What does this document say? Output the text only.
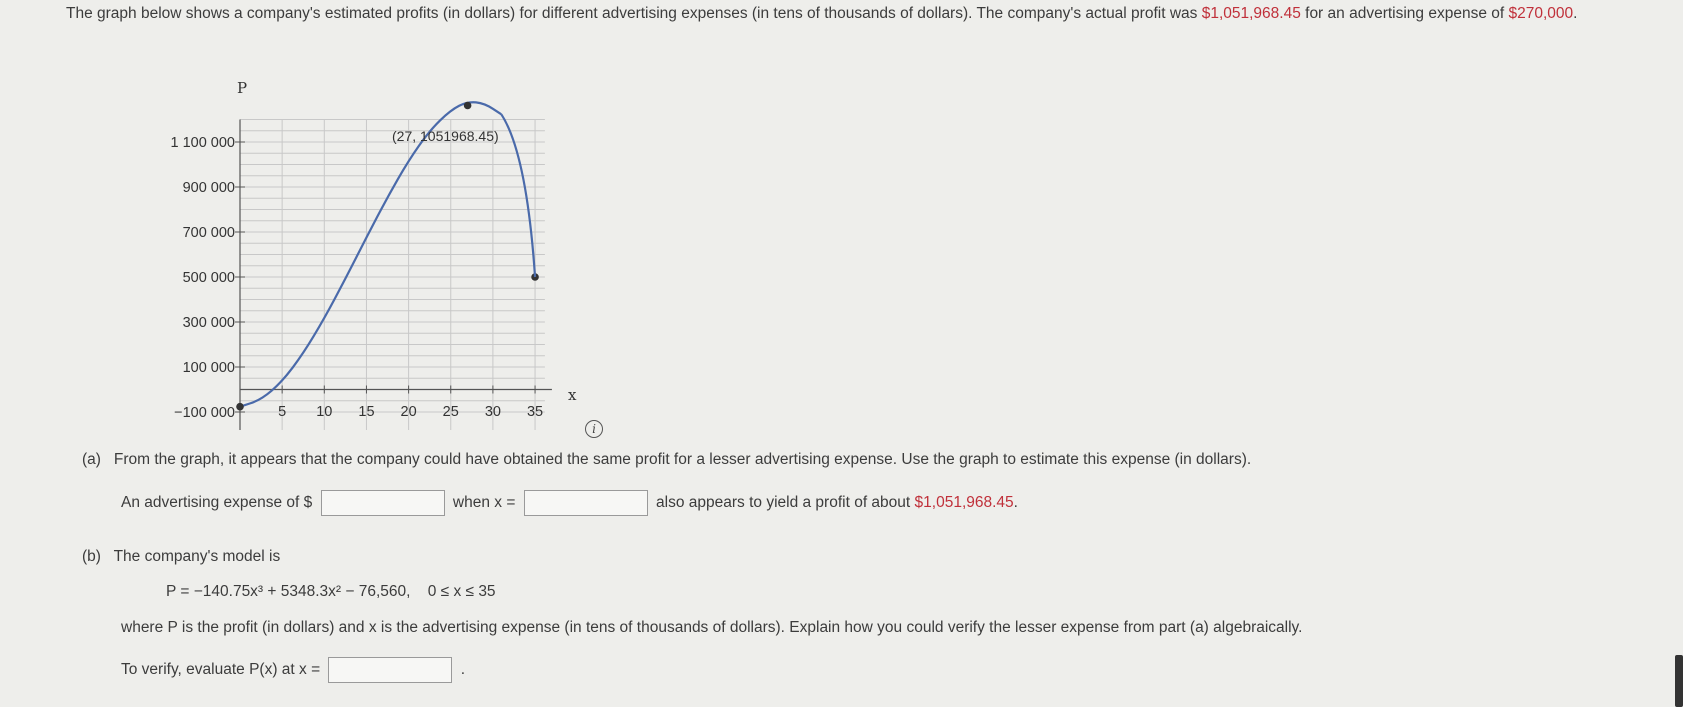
The graph below shows a company's estimated profits (in dollars) for different advertising expenses (in tens of thousands of dollars). The company's actual profit was $1,051,968.45 for an advertising expense of $270,000.
−100 000
100 000
300 000
500 000
700 000
900 000
1 100 000
5 10 15 20 25 30 35
P
x
(27, 1051968.45)
i
(a) From the graph, it appears that the company could have obtained the same profit for a lesser advertising expense. Use the graph to estimate this expense (in dollars).
An advertising expense of $	when x =	also appears to yield a profit of about $1,051,968.45.
(b) The company's model is
P = −140.75x³ + 5348.3x² − 76,560, 0 ≤ x ≤ 35
where P is the profit (in dollars) and x is the advertising expense (in tens of thousands of dollars). Explain how you could verify the lesser expense from part (a) algebraically.
To verify, evaluate P(x) at x =	.
